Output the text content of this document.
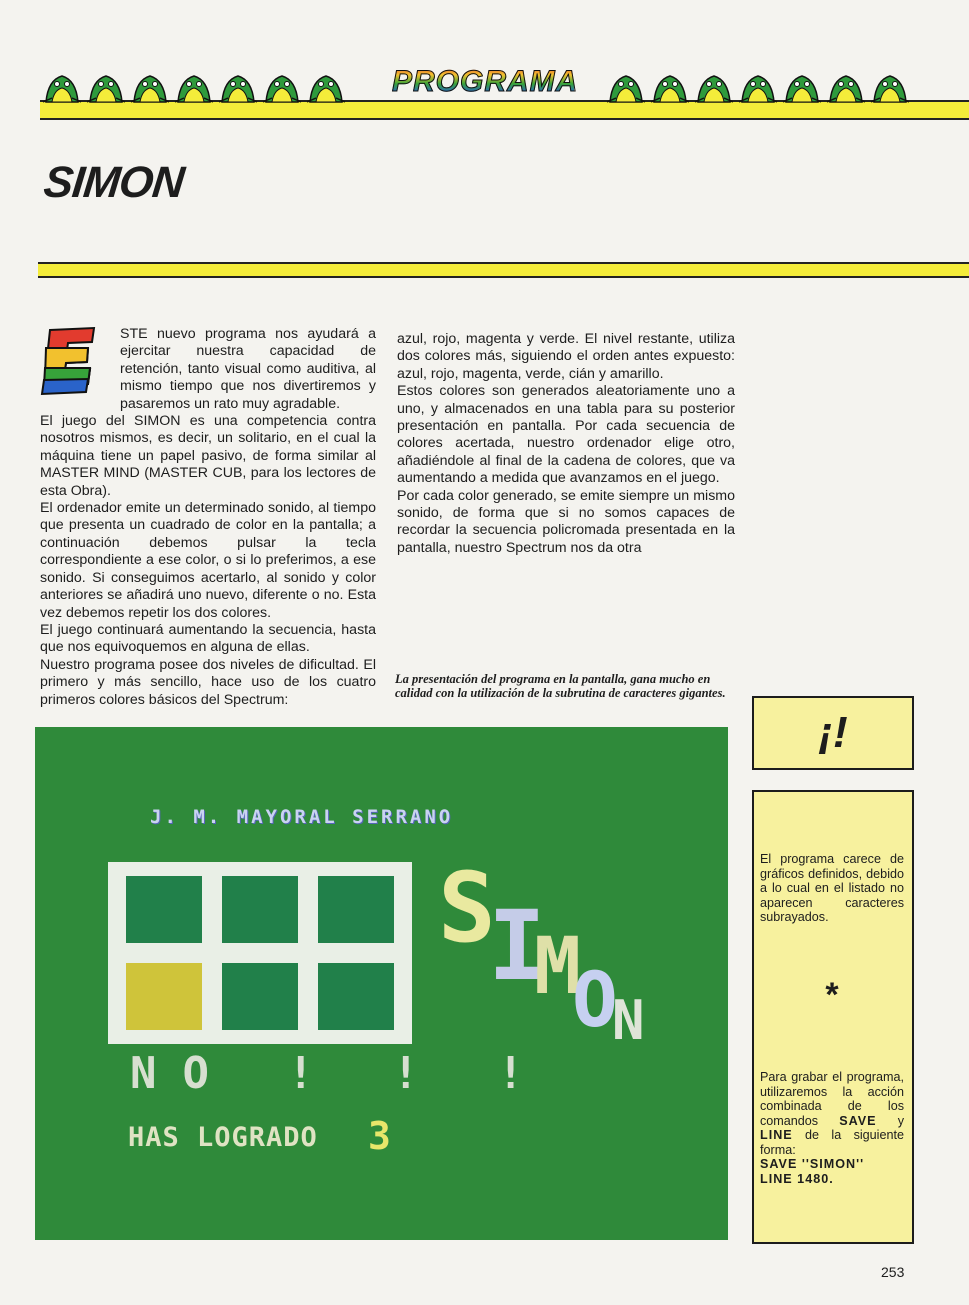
PROGRAMA
SIMON

STE nuevo programa nos ayudará a ejercitar nuestra capacidad de retención, tanto visual como auditiva, al mismo tiempo que nos divertiremos y pasaremos un rato muy agradable.

El juego del SIMON es una competencia contra nosotros mismos, es decir, un solitario, en el cual la máquina tiene un papel pasivo, de forma similar al MASTER MIND (MASTER CUB, para los lectores de esta Obra).

El ordenador emite un determinado sonido, al tiempo que presenta un cuadrado de color en la pantalla; a continuación debemos pulsar la tecla correspondiente a ese color, o si lo preferimos, a ese sonido. Si conseguimos acertarlo, al sonido y color anteriores se añadirá uno nuevo, diferente o no. Esta vez debemos repetir los dos colores.

El juego continuará aumentando la secuencia, hasta que nos equivoquemos en alguna de ellas.

Nuestro programa posee dos niveles de dificultad. El primero y más sencillo, hace uso de los cuatro primeros colores básicos del Spectrum:

azul, rojo, magenta y verde. El nivel restante, utiliza dos colores más, siguiendo el orden antes expuesto: azul, rojo, magenta, verde, cián y amarillo.

Estos colores son generados aleatoriamente uno a uno, y almacenados en una tabla para su posterior presentación en pantalla. Por cada secuencia de colores acertada, nuestro ordenador elige otro, añadiéndole al final de la cadena de colores, que va aumentando a medida que avanzamos en el juego.

Por cada color generado, se emite siempre un mismo sonido, de forma que si no somos capaces de recordar la secuencia policromada presentada en la pantalla, nuestro Spectrum nos da otra

La presentación del programa en la pantalla, gana mucho en calidad con la utilización de la subrutina de caracteres gigantes.
J. M. MAYORAL SERRANO
S
I
M
O
N
NO ! ! !
HAS LOGRADO 3
¡!
El programa carece de gráficos definidos, debido a lo cual en el listado no aparecen caracteres subrayados.
*
Para grabar el programa, utilizaremos la acción combinada de los comandos SAVE y LINE de la siguiente forma:
SAVE ''SIMON''
LINE 1480.
253
